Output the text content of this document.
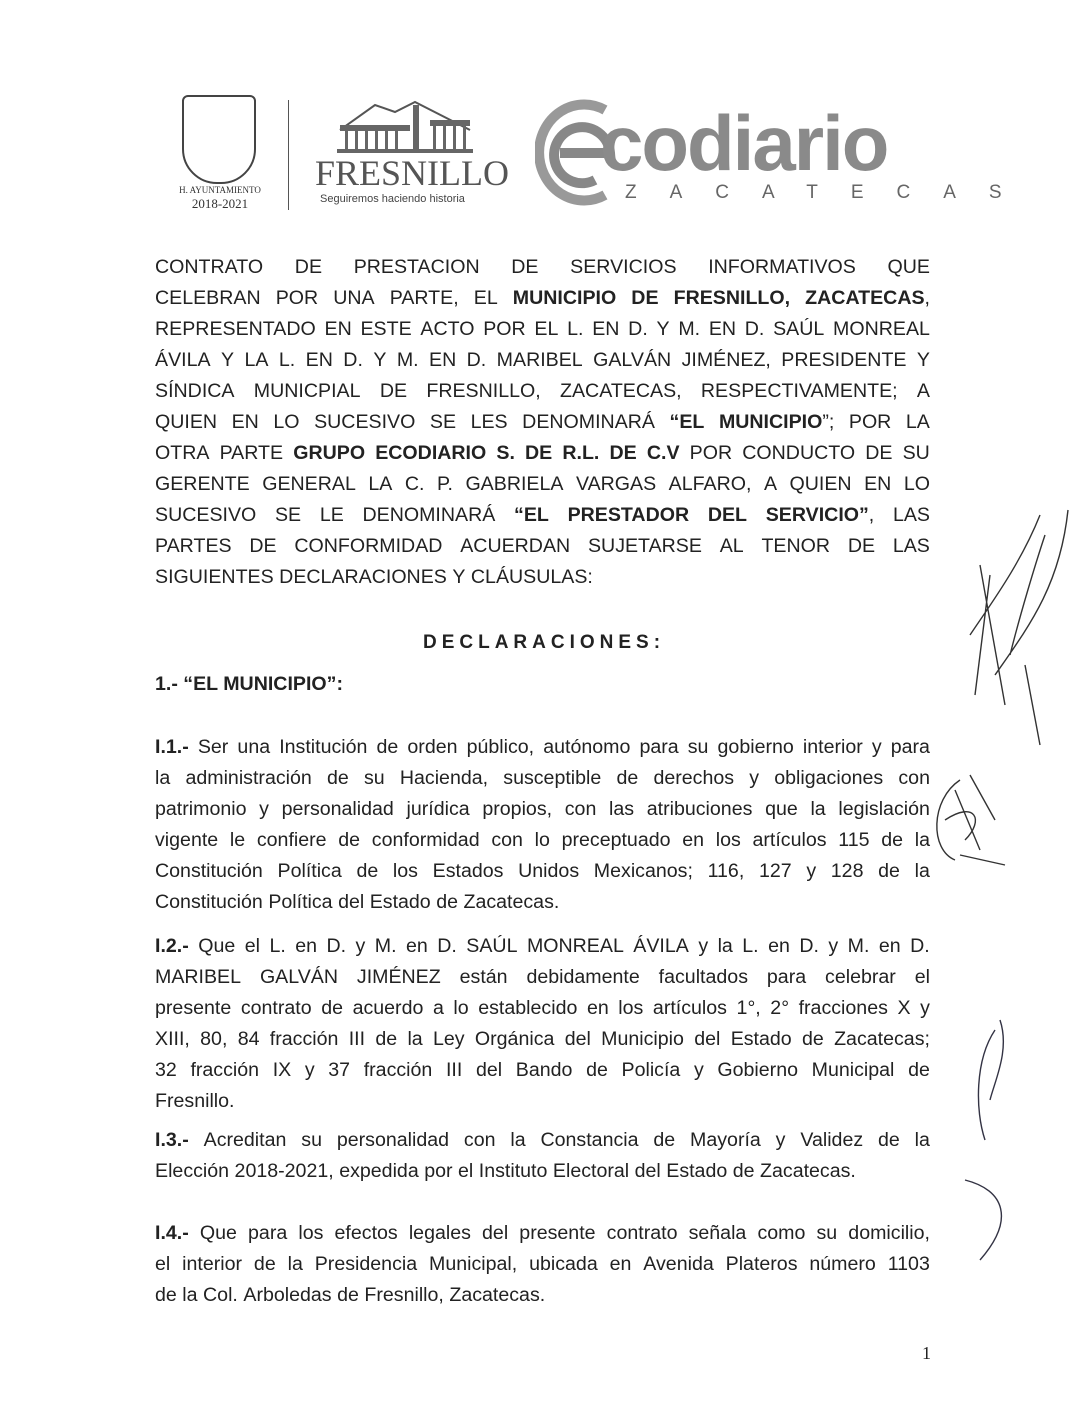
H. AYUNTAMIENTO
2018-2021
FRESNILLO
Seguiremos haciendo historia
codiario
ZACATECAS
CONTRATO DE PRESTACION DE SERVICIOS INFORMATIVOS QUE
CELEBRAN POR UNA PARTE, EL MUNICIPIO DE FRESNILLO, ZACATECAS,
REPRESENTADO EN ESTE ACTO POR EL L. EN D. Y M. EN D. SAÚL MONREAL
ÁVILA Y LA L. EN D. Y M. EN D. MARIBEL GALVÁN JIMÉNEZ, PRESIDENTE Y
SÍNDICA MUNICPIAL DE FRESNILLO, ZACATECAS, RESPECTIVAMENTE; A
QUIEN EN LO SUCESIVO SE LES DENOMINARÁ “EL MUNICIPIO”; POR LA
OTRA PARTE GRUPO ECODIARIO S. DE R.L. DE C.V POR CONDUCTO DE SU
GERENTE GENERAL LA C. P. GABRIELA VARGAS ALFARO, A QUIEN EN LO
SUCESIVO SE LE DENOMINARÁ “EL PRESTADOR DEL SERVICIO”, LAS
PARTES DE CONFORMIDAD ACUERDAN SUJETARSE AL TENOR DE LAS
SIGUIENTES DECLARACIONES Y CLÁUSULAS:
DECLARACIONES:
1.- “EL MUNICIPIO”:
I.1.- Ser una Institución de orden público, autónomo para su gobierno interior y para
la administración de su Hacienda, susceptible de derechos y obligaciones con
patrimonio y personalidad jurídica propios, con las atribuciones que la legislación
vigente le confiere de conformidad con lo preceptuado en los artículos 115 de la
Constitución Política de los Estados Unidos Mexicanos; 116, 127 y 128 de la
Constitución Política del Estado de Zacatecas.
I.2.- Que el L. en D. y M. en D. SAÚL MONREAL ÁVILA y la L. en D. y M. en D.
MARIBEL GALVÁN JIMÉNEZ están debidamente facultados para celebrar el
presente contrato de acuerdo a lo establecido en los artículos 1°, 2° fracciones X y
XIII, 80, 84 fracción III de la Ley Orgánica del Municipio del Estado de Zacatecas;
32 fracción IX y 37 fracción III del Bando de Policía y Gobierno Municipal de
Fresnillo.
I.3.- Acreditan su personalidad con la Constancia de Mayoría y Validez de la
Elección 2018-2021, expedida por el Instituto Electoral del Estado de Zacatecas.
I.4.- Que para los efectos legales del presente contrato señala como su domicilio,
el interior de la Presidencia Municipal, ubicada en Avenida Plateros número 1103
de la Col. Arboledas de Fresnillo, Zacatecas.
1
